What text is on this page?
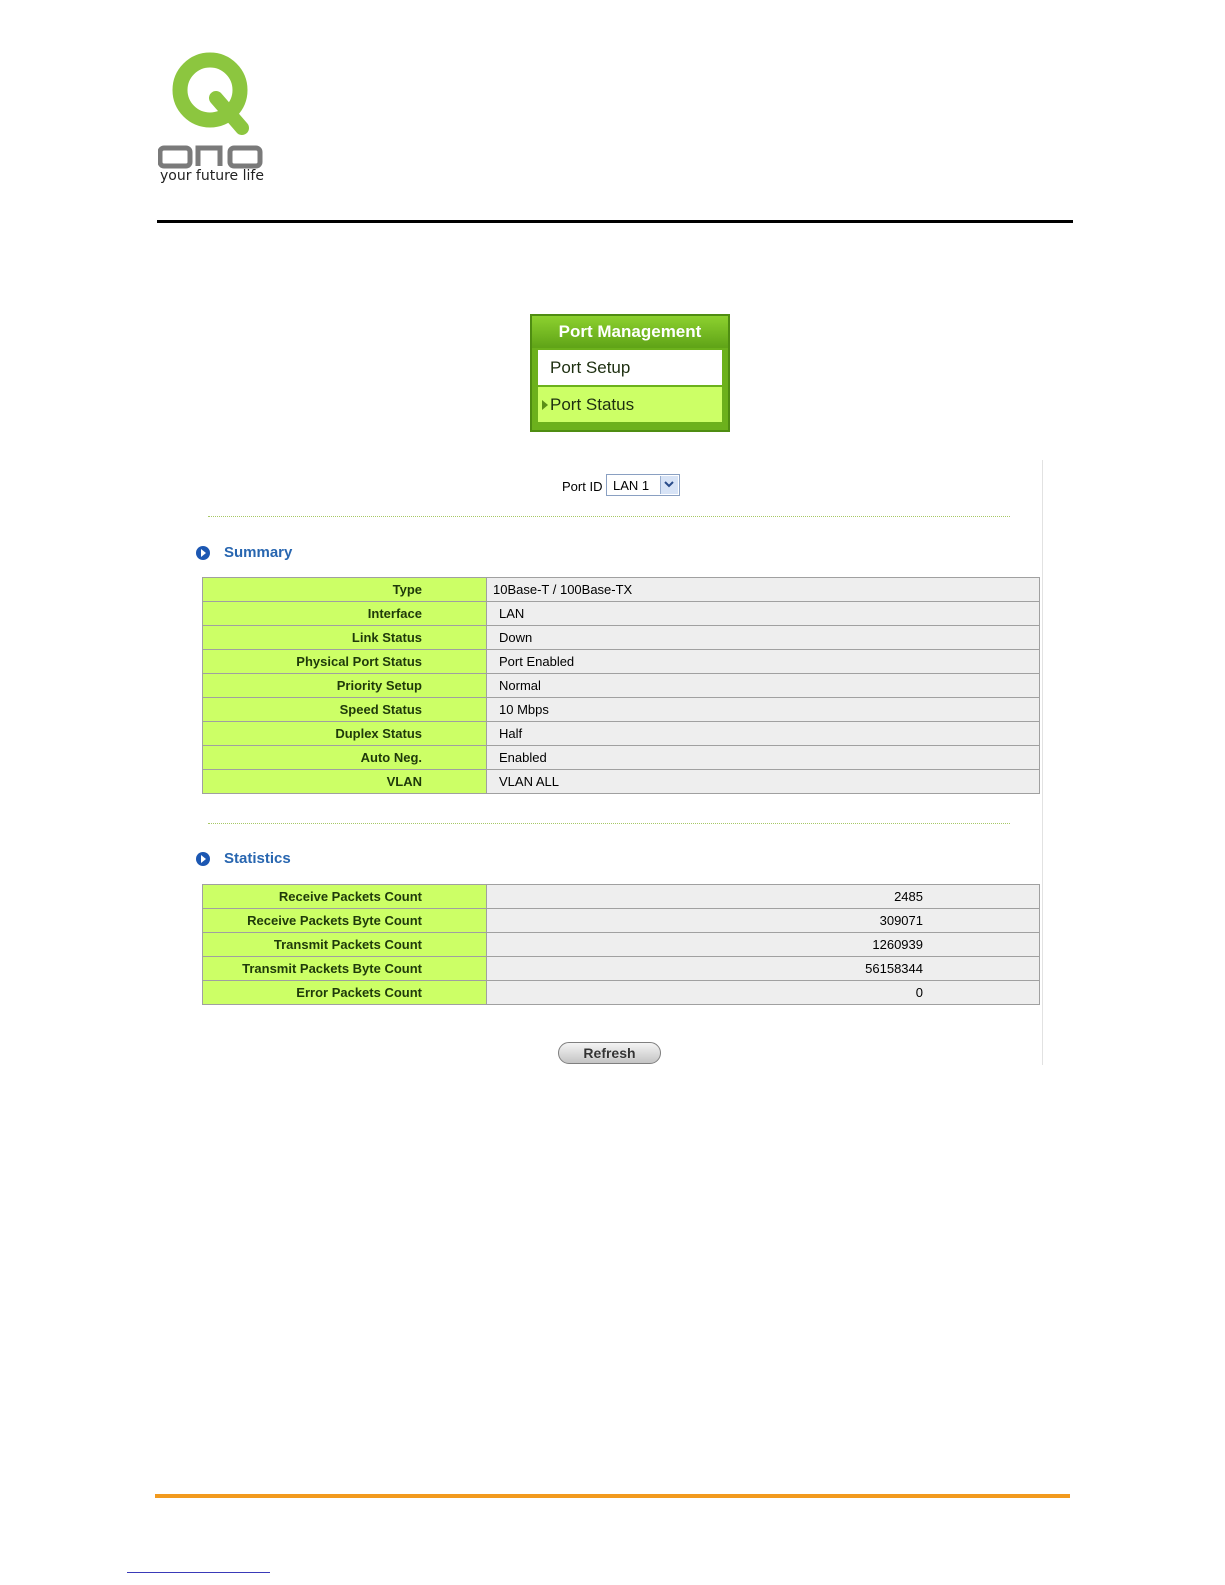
your future life
Port Management
Port Setup
Port Status
Port ID LAN 1
Summary
Type	10Base-T / 100Base-TX
Interface	LAN
Link Status	Down
Physical Port Status	Port Enabled
Priority Setup	Normal
Speed Status	10 Mbps
Duplex Status	Half
Auto Neg.	Enabled
VLAN	VLAN ALL
Statistics
Receive Packets Count	2485
Receive Packets Byte Count	309071
Transmit Packets Count	1260939
Transmit Packets Byte Count	56158344
Error Packets Count	0
Refresh
